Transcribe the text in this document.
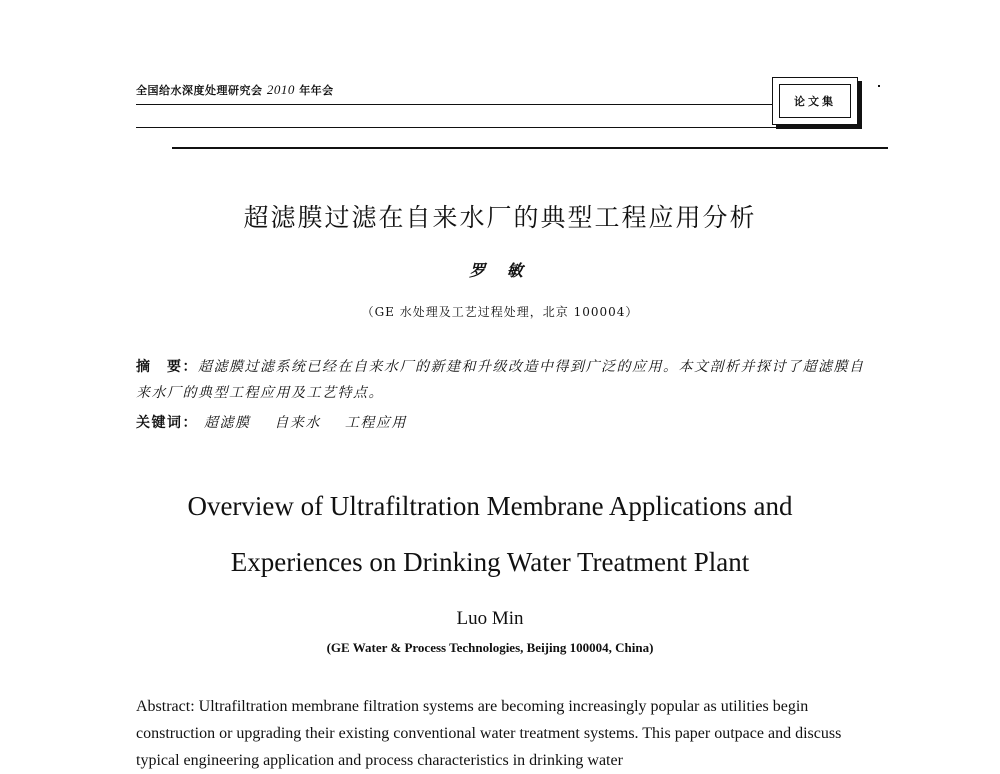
全国给水深度处理研究会 2010 年年会
论文集
超滤膜过滤在自来水厂的典型工程应用分析
罗 敏
（GE 水处理及工艺过程处理，北京 100004）
摘　要：超滤膜过滤系统已经在自来水厂的新建和升级改造中得到广泛的应用。本文剖析并探讨了超滤膜自来水厂的典型工程应用及工艺特点。
关键词： 超滤膜 自来水 工程应用
Overview of Ultrafiltration Membrane Applications and
Experiences on Drinking Water Treatment Plant
Luo Min
(GE Water & Process Technologies, Beijing 100004, China)
Abstract: Ultrafiltration membrane filtration systems are becoming increasingly popular as utilities begin construction or upgrading their existing conventional water treatment systems. This paper outpace and discuss typical engineering application and process characteristics in drinking water
